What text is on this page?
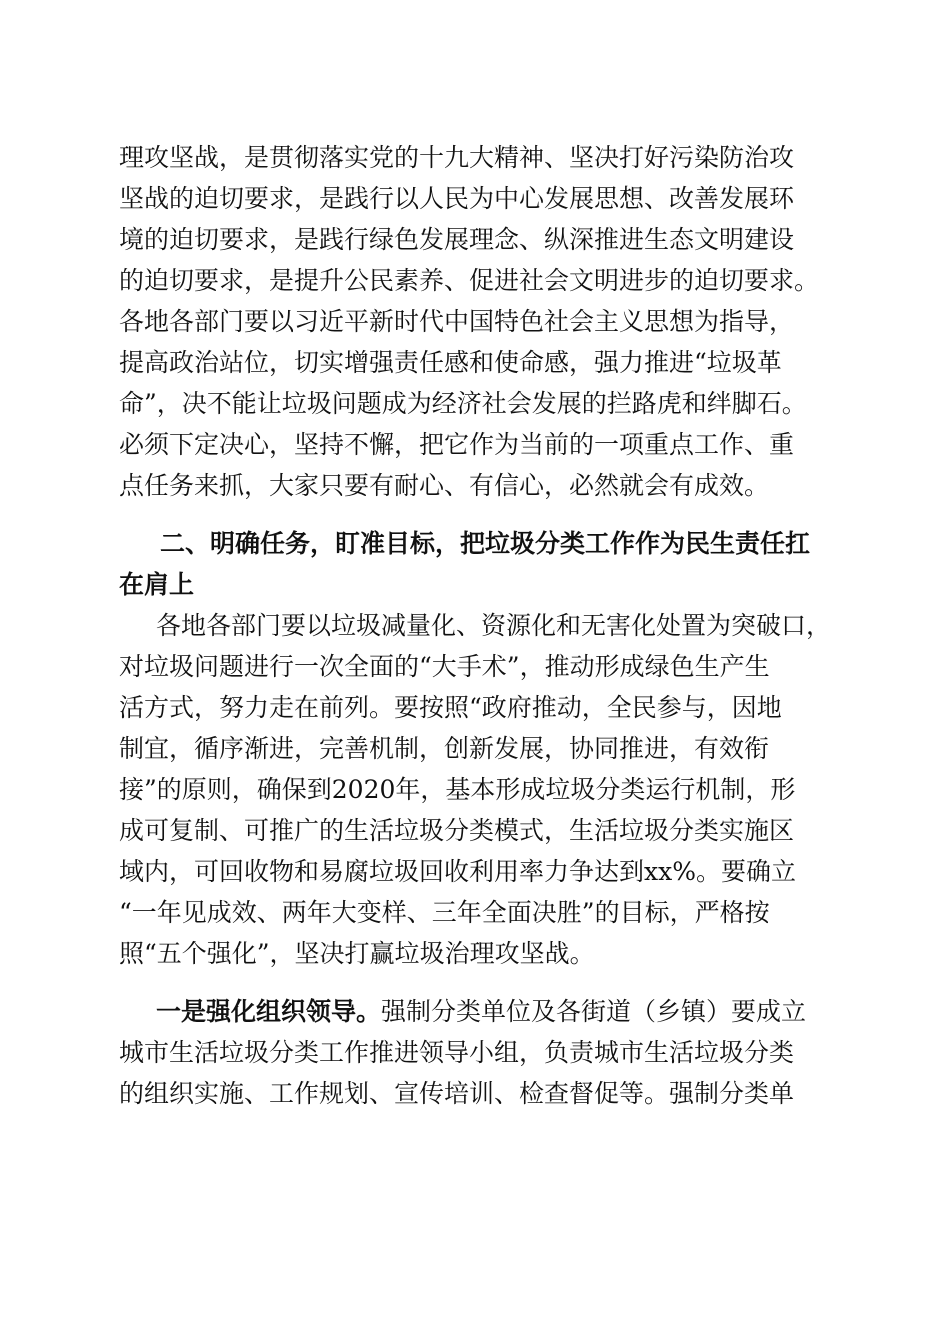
理攻坚战，是贯彻落实党的十九大精神、坚决打好污染防治攻
坚战的迫切要求，是践行以人民为中心发展思想、改善发展环
境的迫切要求，是践行绿色发展理念、纵深推进生态文明建设
的迫切要求，是提升公民素养、促进社会文明进步的迫切要求。
各地各部门要以习近平新时代中国特色社会主义思想为指导，
提高政治站位，切实增强责任感和使命感，强力推进“垃圾革
命”，决不能让垃圾问题成为经济社会发展的拦路虎和绊脚石。
必须下定决心，坚持不懈，把它作为当前的一项重点工作、重
点任务来抓，大家只要有耐心、有信心，必然就会有成效。
二、明确任务，盯准目标，把垃圾分类工作作为民生责任扛
在肩上
各地各部门要以垃圾减量化、资源化和无害化处置为突破口，
对垃圾问题进行一次全面的“大手术”，推动形成绿色生产生
活方式，努力走在前列。要按照“政府推动，全民参与，因地
制宜，循序渐进，完善机制，创新发展，协同推进，有效衔
接”的原则，确保到2020年，基本形成垃圾分类运行机制，形
成可复制、可推广的生活垃圾分类模式，生活垃圾分类实施区
域内，可回收物和易腐垃圾回收利用率力争达到xx%。要确立
“一年见成效、两年大变样、三年全面决胜”的目标，严格按
照“五个强化”，坚决打赢垃圾治理攻坚战。
一是强化组织领导。强制分类单位及各街道（乡镇）要成立
城市生活垃圾分类工作推进领导小组，负责城市生活垃圾分类
的组织实施、工作规划、宣传培训、检查督促等。强制分类单
